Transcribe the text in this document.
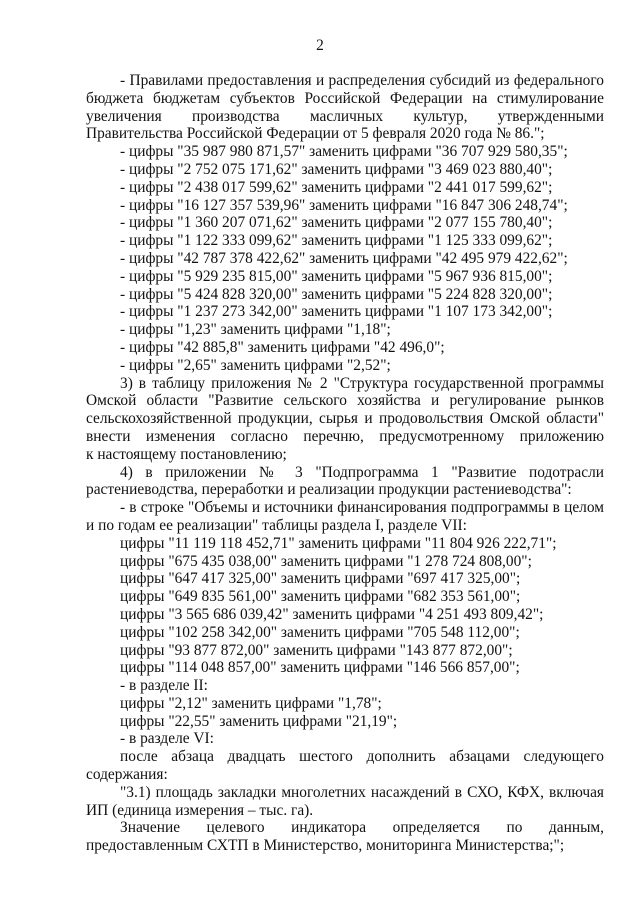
2
- Правилами предоставления и распределения субсидий из федерального
бюджета бюджетам субъектов Российской Федерации на стимулирование
увеличения производства масличных культур, утвержденными
Правительства Российской Федерации от 5 февраля 2020 года № 86.";
- цифры "35 987 980 871,57" заменить цифрами "36 707 929 580,35";
- цифры "2 752 075 171,62" заменить цифрами "3 469 023 880,40";
- цифры "2 438 017 599,62" заменить цифрами "2 441 017 599,62";
- цифры "16 127 357 539,96" заменить цифрами "16 847 306 248,74";
- цифры "1 360 207 071,62" заменить цифрами "2 077 155 780,40";
- цифры "1 122 333 099,62" заменить цифрами "1 125 333 099,62";
- цифры "42 787 378 422,62" заменить цифрами "42 495 979 422,62";
- цифры "5 929 235 815,00" заменить цифрами "5 967 936 815,00";
- цифры "5 424 828 320,00" заменить цифрами "5 224 828 320,00";
- цифры "1 237 273 342,00" заменить цифрами "1 107 173 342,00";
- цифры "1,23" заменить цифрами "1,18";
- цифры "42 885,8" заменить цифрами "42 496,0";
- цифры "2,65" заменить цифрами "2,52";
3) в таблицу приложения № 2 "Структура государственной программы
Омской области "Развитие сельского хозяйства и регулирование рынков
сельскохозяйственной продукции, сырья и продовольствия Омской области"
внести изменения согласно перечню, предусмотренному приложению
к настоящему постановлению;
4) в приложении № 3 "Подпрограмма 1 "Развитие подотрасли
растениеводства, переработки и реализации продукции растениеводства":
- в строке "Объемы и источники финансирования подпрограммы в целом
и по годам ее реализации" таблицы раздела I, разделе VII:
цифры "11 119 118 452,71" заменить цифрами "11 804 926 222,71";
цифры "675 435 038,00" заменить цифрами "1 278 724 808,00";
цифры "647 417 325,00" заменить цифрами "697 417 325,00";
цифры "649 835 561,00" заменить цифрами "682 353 561,00";
цифры "3 565 686 039,42" заменить цифрами "4 251 493 809,42";
цифры "102 258 342,00" заменить цифрами "705 548 112,00";
цифры "93 877 872,00" заменить цифрами "143 877 872,00";
цифры "114 048 857,00" заменить цифрами "146 566 857,00";
- в разделе II:
цифры "2,12" заменить цифрами "1,78";
цифры "22,55" заменить цифрами "21,19";
- в разделе VI:
после абзаца двадцать шестого дополнить абзацами следующего
содержания:
"3.1) площадь закладки многолетних насаждений в СХО, КФХ, включая
ИП (единица измерения – тыс. га).
Значение целевого индикатора определяется по данным,
предоставленным СХТП в Министерство, мониторинга Министерства;";
